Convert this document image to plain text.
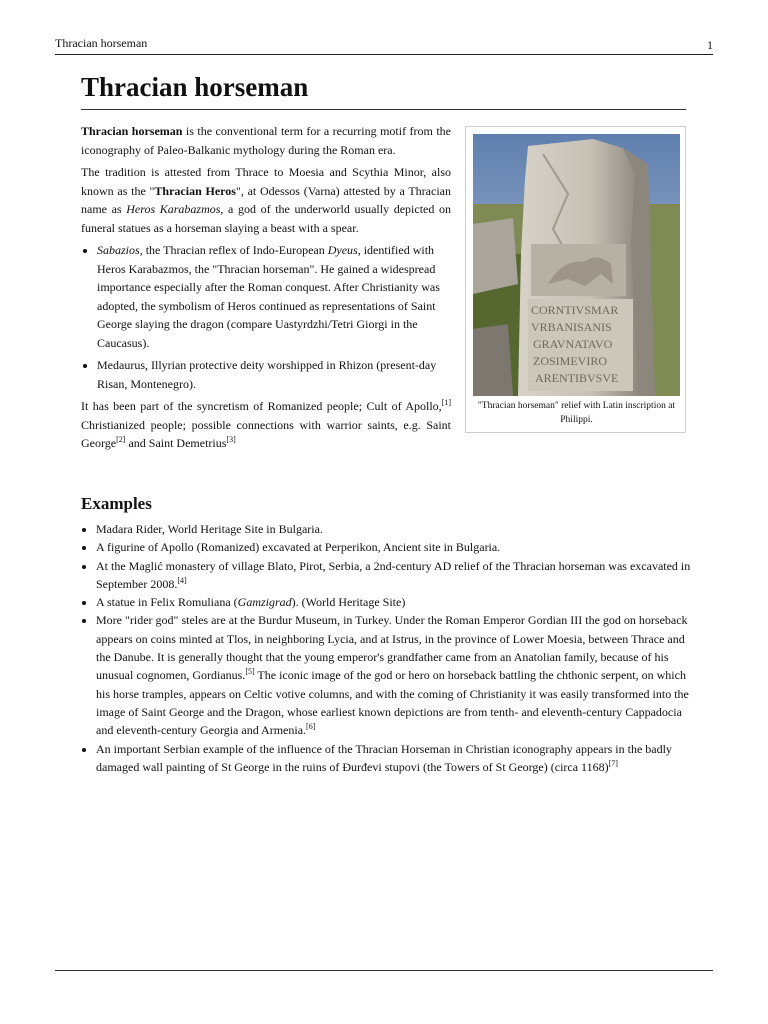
Thracian horseman	1
Thracian horseman

Thracian horseman is the conventional term for a recurring motif from the iconography of Paleo-Balkanic mythology during the Roman era.

The tradition is attested from Thrace to Moesia and Scythia Minor, also known as the "Thracian Heros", at Odessos (Varna) attested by a Thracian name as Heros Karabazmos, a god of the underworld usually depicted on funeral statues as a horseman slaying a beast with a spear.

• Sabazios, the Thracian reflex of Indo-European Dyeus, identified with Heros Karabazmos, the "Thracian horseman". He gained a widespread importance especially after the Roman conquest. After Christianity was adopted, the symbolism of Heros continued as representations of Saint George slaying the dragon (compare Uastyrdzhi/Tetri Giorgi in the Caucasus).
• Medaurus, Illyrian protective deity worshipped in Rhizon (present-day Risan, Montenegro).

It has been part of the syncretism of Romanized people; Cult of Apollo,[1] Christianized people; possible connections with warrior saints, e.g. Saint George[2] and Saint Demetrius[3]

CORNTIVSMAR
VRBANISANIS
GRAVNATAVO
ZOSIMEVIRO
ARENTIBVSVE
"Thracian horseman" relief with Latin inscription at Philippi.
Examples
• Madara Rider, World Heritage Site in Bulgaria.
• A figurine of Apollo (Romanized) excavated at Perperikon, Ancient site in Bulgaria.
• At the Maglić monastery of village Blato, Pirot, Serbia, a 2nd-century AD relief of the Thracian horseman was excavated in September 2008.[4]
• A statue in Felix Romuliana (Gamzigrad). (World Heritage Site)
• More "rider god" steles are at the Burdur Museum, in Turkey. Under the Roman Emperor Gordian III the god on horseback appears on coins minted at Tlos, in neighboring Lycia, and at Istrus, in the province of Lower Moesia, between Thrace and the Danube. It is generally thought that the young emperor's grandfather came from an Anatolian family, because of his unusual cognomen, Gordianus.[5] The iconic image of the god or hero on horseback battling the chthonic serpent, on which his horse tramples, appears on Celtic votive columns, and with the coming of Christianity it was easily transformed into the image of Saint George and the Dragon, whose earliest known depictions are from tenth- and eleventh-century Cappadocia and eleventh-century Georgia and Armenia.[6]
• An important Serbian example of the influence of the Thracian Horseman in Christian iconography appears in the badly damaged wall painting of St George in the ruins of Đurđevi stupovi (the Towers of St George) (circa 1168)[7]
